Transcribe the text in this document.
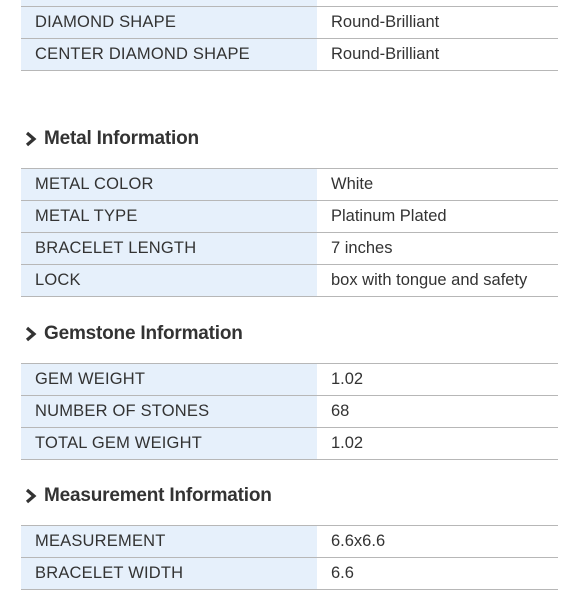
DIAMOND SHAPE	Round-Brilliant
CENTER DIAMOND SHAPE	Round-Brilliant
Metal Information
METAL COLOR	White
METAL TYPE	Platinum Plated
BRACELET LENGTH	7 inches
LOCK	box with tongue and safety
Gemstone Information
GEM WEIGHT	1.02
NUMBER OF STONES	68
TOTAL GEM WEIGHT	1.02
Measurement Information
MEASUREMENT	6.6x6.6
BRACELET WIDTH	6.6
